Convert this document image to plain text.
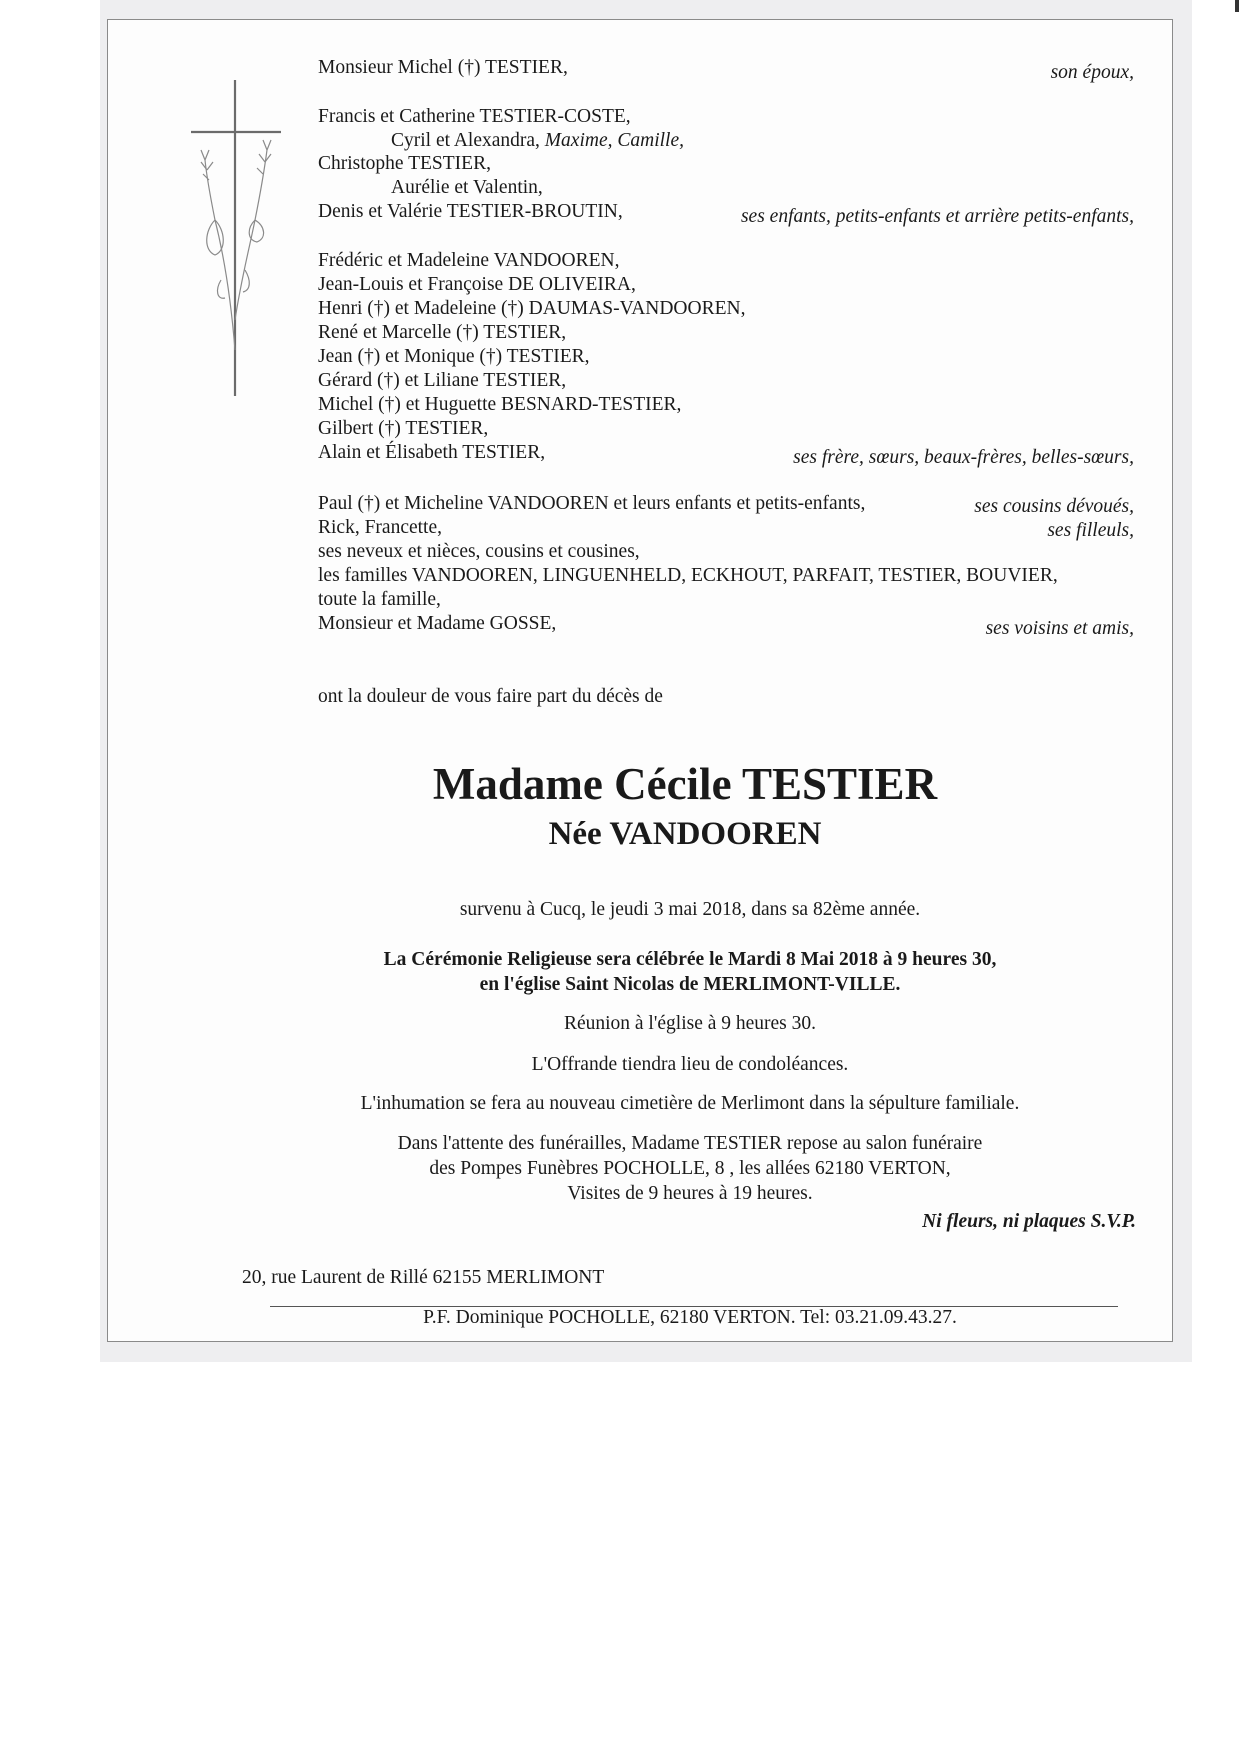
Monsieur Michel (†) TESTIER,	son époux,
Francis et Catherine TESTIER-COSTE,
Cyril et Alexandra, Maxime, Camille,
Christophe TESTIER,
Aurélie et Valentin,
Denis et Valérie TESTIER-BROUTIN,	ses enfants, petits-enfants et arrière petits-enfants,
Frédéric et Madeleine VANDOOREN,
Jean-Louis et Françoise DE OLIVEIRA,
Henri (†) et Madeleine (†) DAUMAS-VANDOOREN,
René et Marcelle (†) TESTIER,
Jean (†) et Monique (†) TESTIER,
Gérard (†) et Liliane TESTIER,
Michel (†) et Huguette BESNARD-TESTIER,
Gilbert (†) TESTIER,
Alain et Élisabeth TESTIER,	ses frère, sœurs, beaux-frères, belles-sœurs,
Paul (†) et Micheline VANDOOREN et leurs enfants et petits-enfants,	ses cousins dévoués,
Rick, Francette,	ses filleuls,
ses neveux et nièces, cousins et cousines,
les familles VANDOOREN, LINGUENHELD, ECKHOUT, PARFAIT, TESTIER, BOUVIER,
toute la famille,
Monsieur et Madame GOSSE,	ses voisins et amis,
ont la douleur de vous faire part du décès de
Madame Cécile TESTIER
Née VANDOOREN
survenu à Cucq, le jeudi 3 mai 2018, dans sa 82ème année.
La Cérémonie Religieuse sera célébrée le Mardi 8 Mai 2018 à 9 heures 30,
en l'église Saint Nicolas de MERLIMONT-VILLE.
Réunion à l'église à 9 heures 30.
L'Offrande tiendra lieu de condoléances.
L'inhumation se fera au nouveau cimetière de Merlimont dans la sépulture familiale.
Dans l'attente des funérailles, Madame TESTIER repose au salon funéraire
des Pompes Funèbres POCHOLLE, 8 , les allées 62180 VERTON,
Visites de 9 heures à 19 heures.
Ni fleurs, ni plaques S.V.P.
20, rue Laurent de Rillé 62155 MERLIMONT
P.F. Dominique POCHOLLE, 62180 VERTON. Tel: 03.21.09.43.27.
